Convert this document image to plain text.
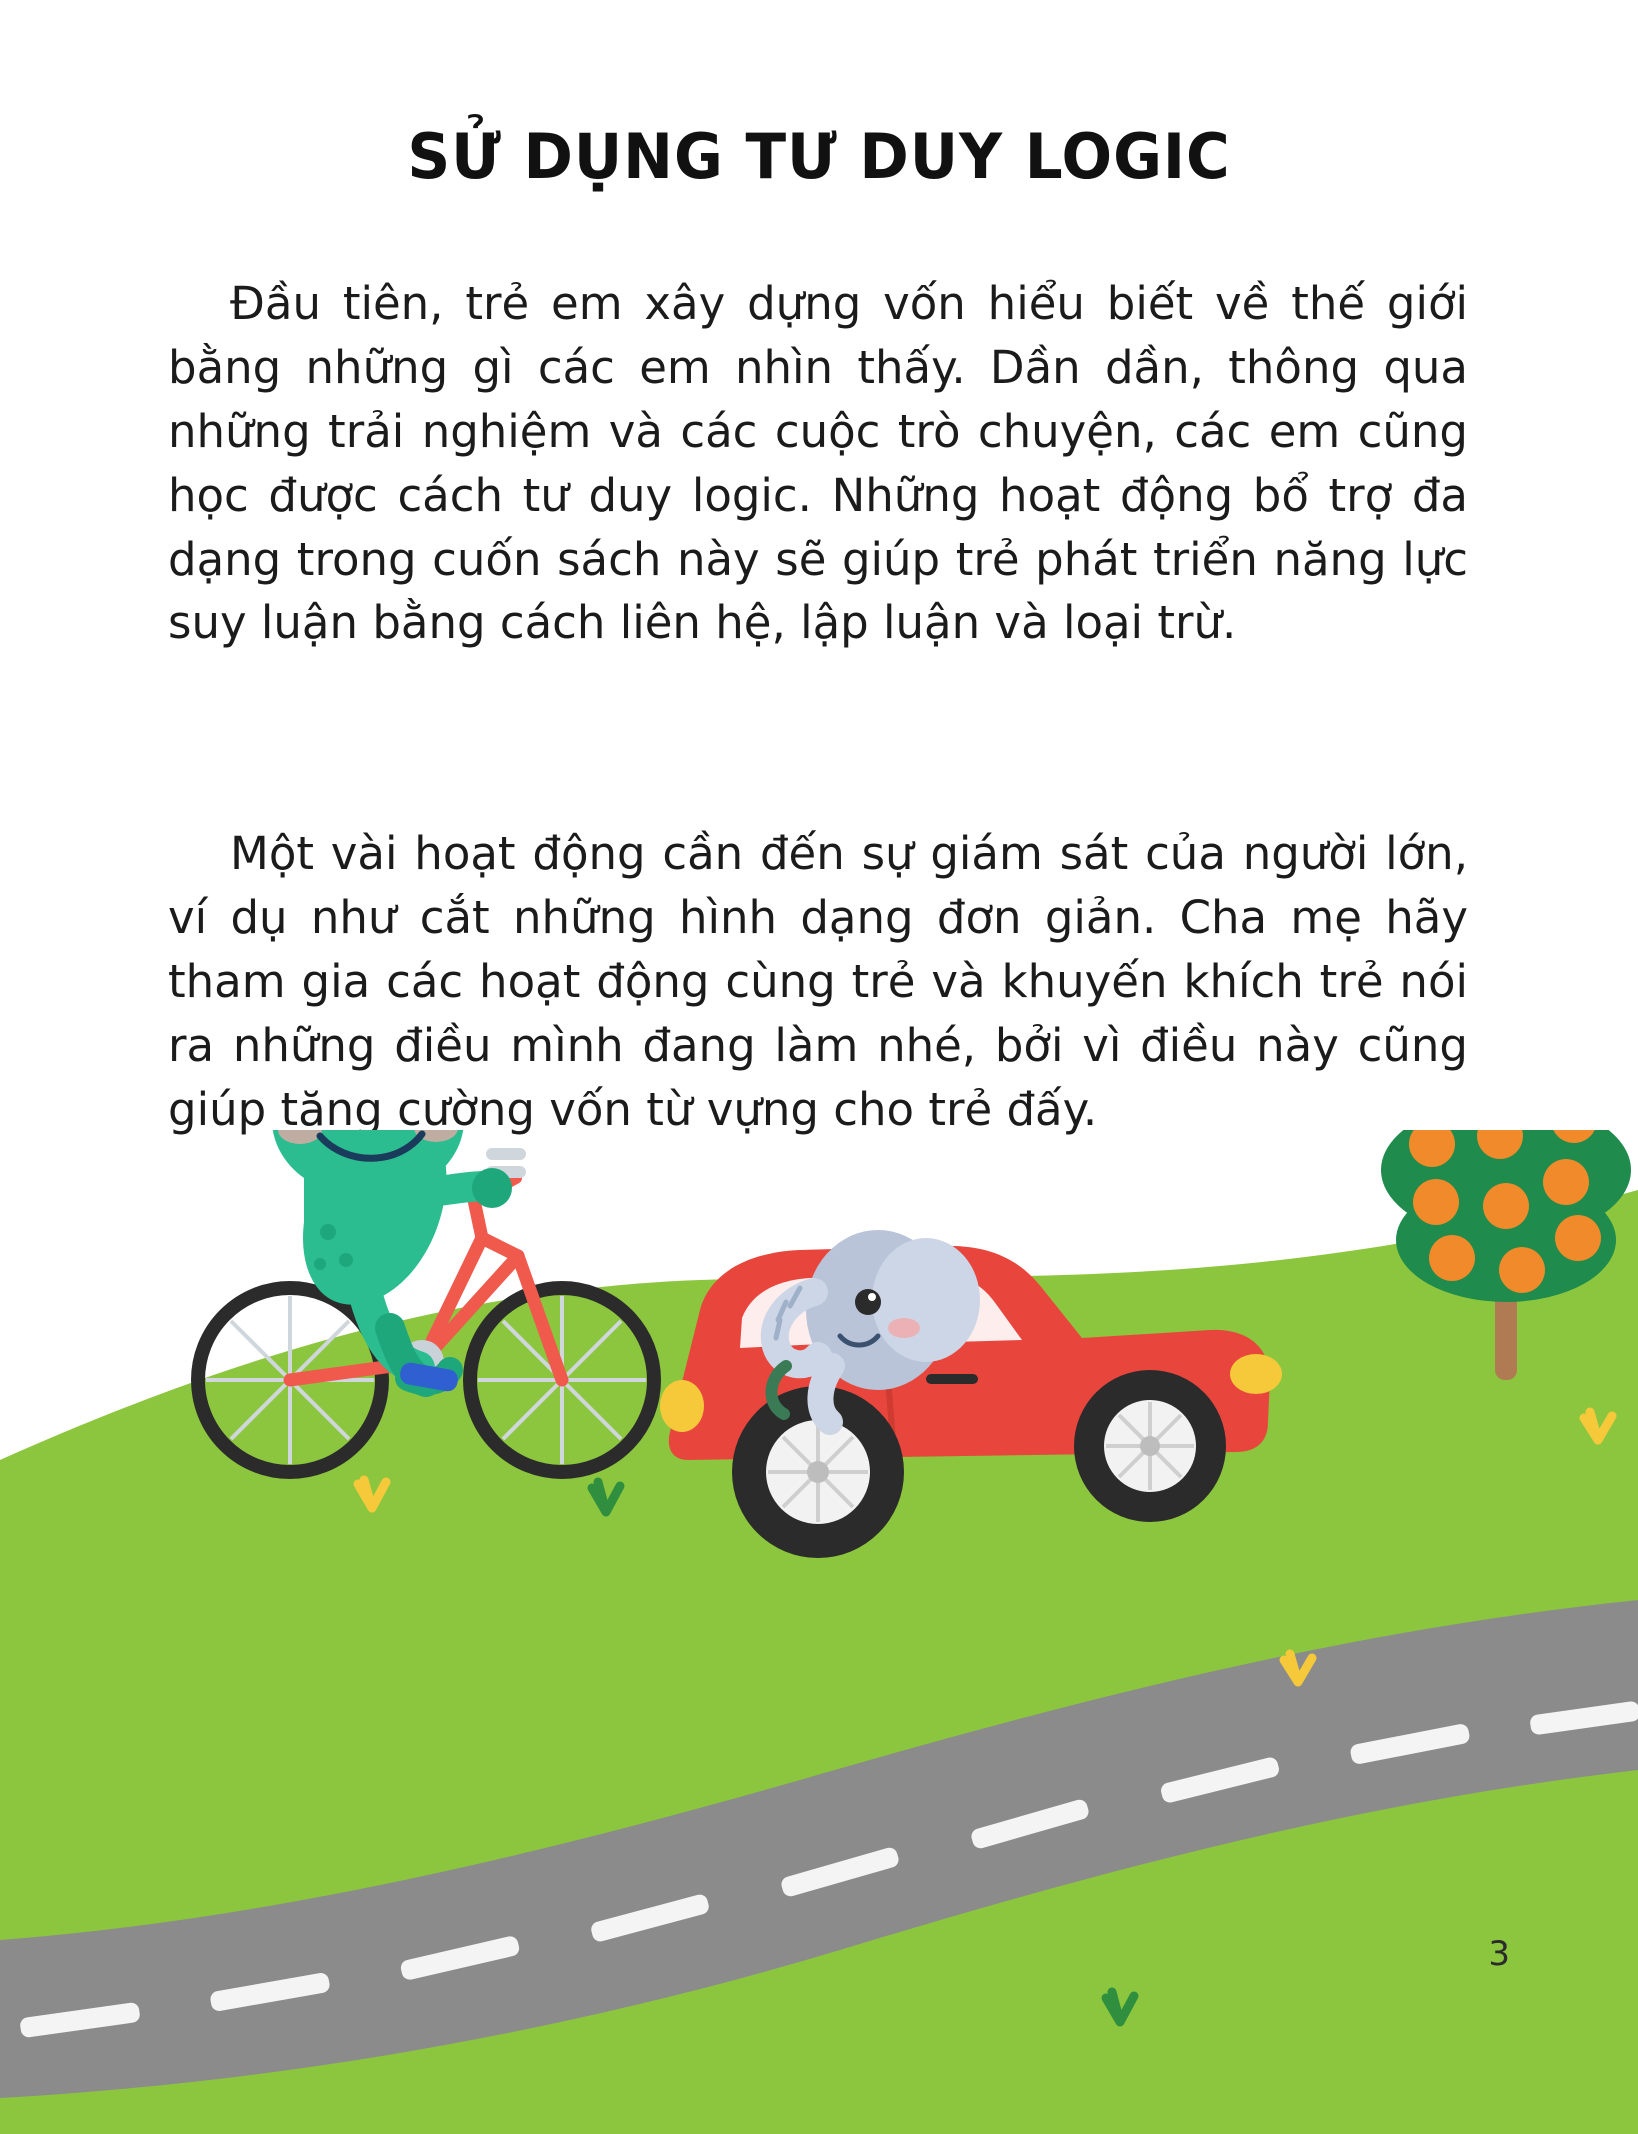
SỬ DỤNG TƯ DUY LOGIC
Đầu tiên, trẻ em xây dựng vốn hiểu biết về thế giới bằng những gì các em nhìn thấy. Dần dần, thông qua những trải nghiệm và các cuộc trò chuyện, các em cũng học được cách tư duy logic. Những hoạt động bổ trợ đa dạng trong cuốn sách này sẽ giúp trẻ phát triển năng lực suy luận bằng cách liên hệ, lập luận và loại trừ.
Một vài hoạt động cần đến sự giám sát của người lớn, ví dụ như cắt những hình dạng đơn giản. Cha mẹ hãy tham gia các hoạt động cùng trẻ và khuyến khích trẻ nói ra những điều mình đang làm nhé, bởi vì điều này cũng giúp tăng cường vốn từ vựng cho trẻ đấy.
3
